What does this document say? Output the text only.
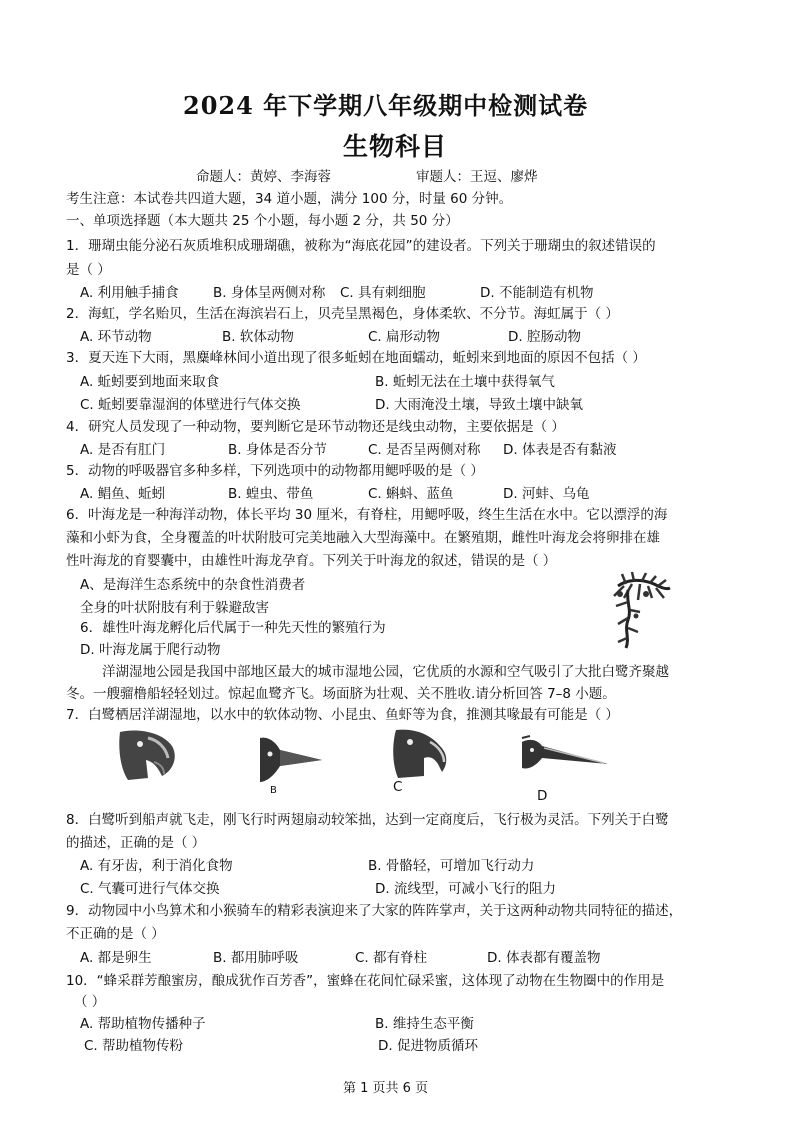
2024 年下学期八年级期中检测试卷
生物科目
命题人：黄婷、李海蓉	审题人：王逗、廖烨
考生注意：本试卷共四道大题，34 道小题，满分 100 分，时量 60 分钟。
一、单项选择题（本大题共 25 个小题，每小题 2 分，共 50 分）
1．珊瑚虫能分泌石灰质堆积成珊瑚礁，被称为“海底花园”的建设者。下列关于珊瑚虫的叙述错误的
是（ ）
A. 利用触手捕食	B. 身体呈两侧对称 C. 具有刺细胞	D. 不能制造有机物
2．海虹，学名贻贝，生活在海滨岩石上，贝壳呈黑褐色，身体柔软、不分节。海虹属于（ ）
A. 环节动物	B. 软体动物	C. 扁形动物	D. 腔肠动物
3．夏天连下大雨，黑麋峰林间小道出现了很多蚯蚓在地面蠕动，蚯蚓来到地面的原因不包括（ ）
A. 蚯蚓要到地面来取食	B. 蚯蚓无法在土壤中获得氧气
C. 蚯蚓要靠湿润的体壁进行气体交换	D. 大雨淹没土壤，导致土壤中缺氧
4．研究人员发现了一种动物，要判断它是环节动物还是线虫动物，主要依据是（ ）
A. 是否有肛门	B. 身体是否分节	C. 是否呈两侧对称 D. 体表是否有黏液
5．动物的呼吸器官多种多样，下列选项中的动物都用鳃呼吸的是（ ）
A. 鲳鱼、蚯蚓	B. 蝗虫、带鱼	C. 蝌蚪、蓝鱼	D. 河蚌、乌龟
6．叶海龙是一种海洋动物，体长平均 30 厘米，有脊柱，用鳃呼吸，终生生活在水中。它以漂浮的海
藻和小虾为食，全身覆盖的叶状附肢可完美地融入大型海藻中。在繁殖期，雌性叶海龙会将卵排在雄
性叶海龙的育婴囊中，由雄性叶海龙孕育。下列关于叶海龙的叙述，错误的是（ ）
A、是海洋生态系统中的杂食性消费者
全身的叶状附肢有利于躲避敌害
6．雄性叶海龙孵化后代属于一种先天性的繁殖行为
D. 叶海龙属于爬行动物
洋湖湿地公园是我国中部地区最大的城市湿地公园，它优质的水源和空气吸引了大批白鹭齐聚越
冬。一艘骝橹船轻轻划过。惊起血鹭齐飞。场面脐为壮观、关不胜收.请分析回答 7–8 小题。
7．白鹭栖居洋湖湿地，以水中的软体动物、小昆虫、鱼虾等为食，推测其喙最有可能是（ ）
B	C
D
8．白鹭听到船声就飞走，刚飞行时两翅扇动较笨拙，达到一定商度后，飞行极为灵活。下列关于白鹭
的描述，正确的是（ ）
A. 有牙齿，利于消化食物	B. 骨骼轻，可增加飞行动力
C. 气囊可进行气体交换	D. 流线型，可减小飞行的阻力
9．动物园中小鸟算术和小猴骑车的精彩表演迎来了大家的阵阵掌声，关于这两种动物共同特征的描述，
不正确的是（ ）
A. 都是卵生	B. 都用肺呼吸	C. 都有脊柱	D. 体表都有覆盖物
10．“蜂采群芳酿蜜房，酿成犹作百芳香”，蜜蜂在花间忙碌采蜜，这体现了动物在生物圈中的作用是
（ ）
A. 帮助植物传播种子	B. 维持生态平衡
C. 帮助植物传粉	D. 促进物质循环
第 1 页共 6 页
